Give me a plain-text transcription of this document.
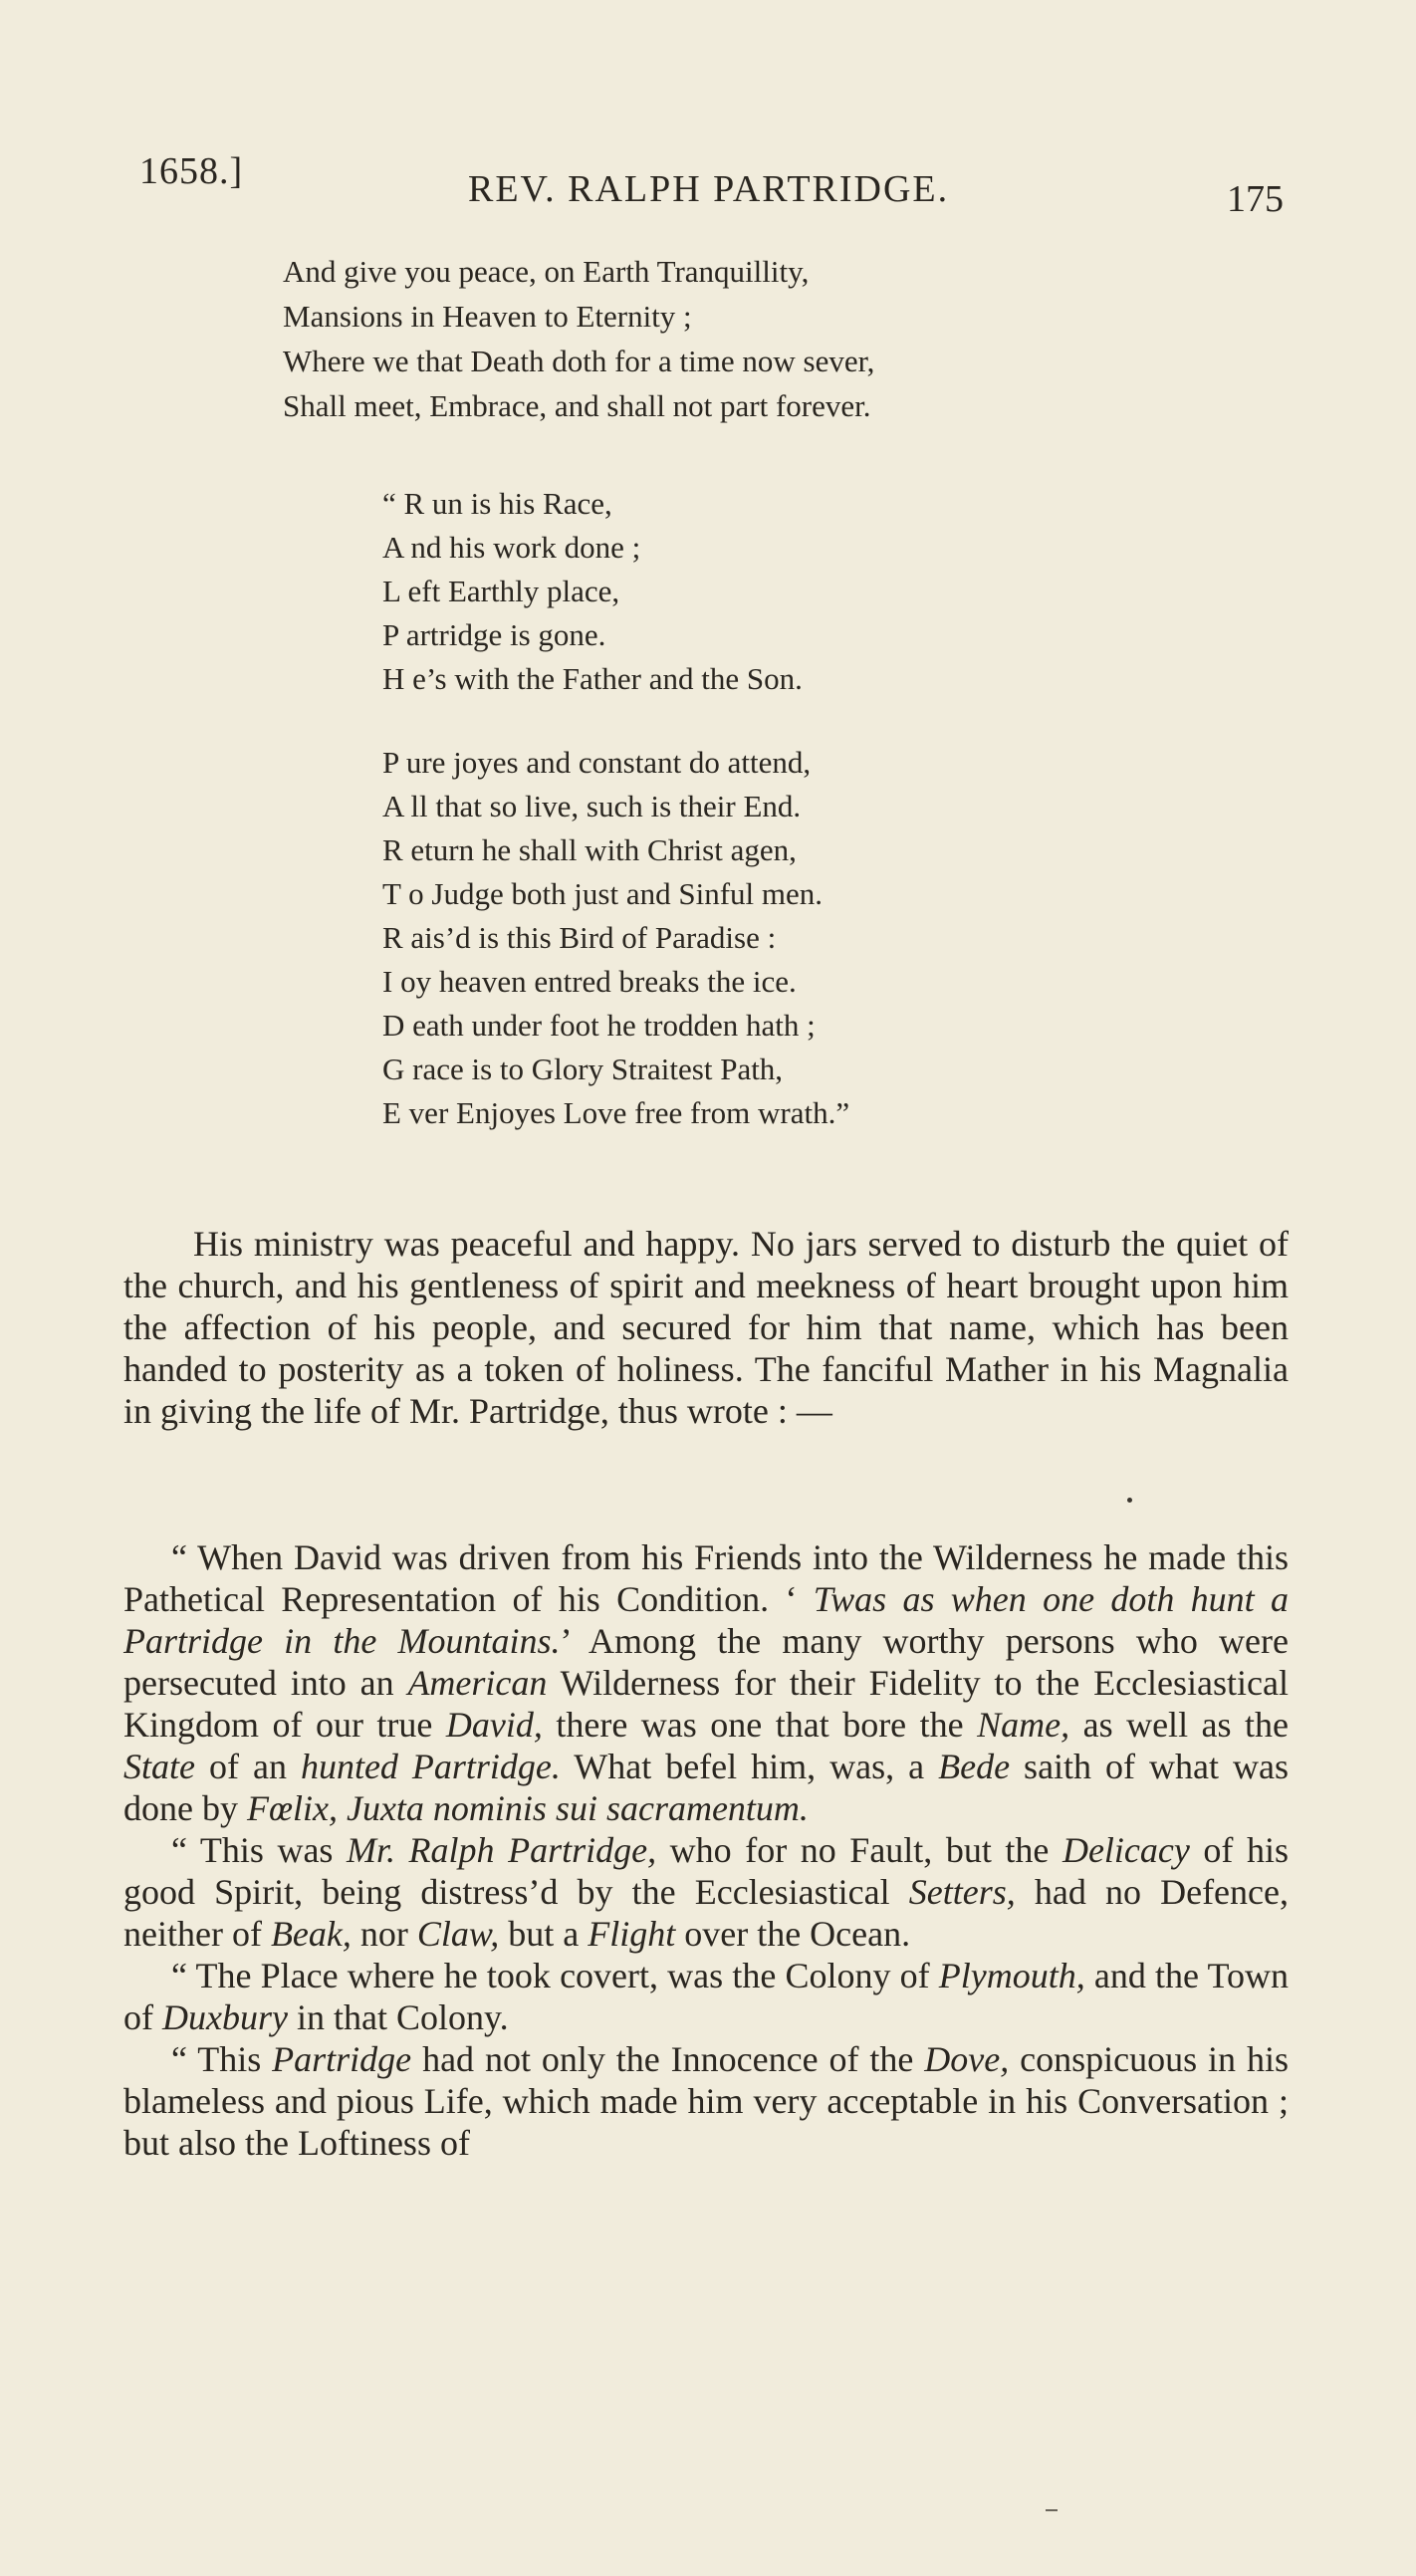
1658.]	REV. RALPH PARTRIDGE.	175
And give you peace, on Earth Tranquillity,
Mansions in Heaven to Eternity ;
Where we that Death doth for a time now sever,
Shall meet, Embrace, and shall not part forever.
“ R un is his Race,
A nd his work done ;
L eft Earthly place,
P artridge is gone.
H e’s with the Father and the Son.
P ure joyes and constant do attend,
A ll that so live, such is their End.
R eturn he shall with Christ agen,
T o Judge both just and Sinful men.
R ais’d is this Bird of Paradise :
I oy heaven entred breaks the ice.
D eath under foot he trodden hath ;
G race is to Glory Straitest Path,
E ver Enjoyes Love free from wrath.”
His ministry was peaceful and happy. No jars served to disturb the quiet of the church, and his gentleness of spirit and meekness of heart brought upon him the affection of his people, and secured for him that name, which has been handed to posterity as a token of holiness. The fanciful Mather in his Magnalia in giving the life of Mr. Partridge, thus wrote : —
“ When David was driven from his Friends into the Wilderness he made this Pathetical Representation of his Condition. ‘ Twas as when one doth hunt a Partridge in the Mountains.’ Among the many worthy persons who were persecuted into an American Wilderness for their Fidelity to the Ecclesiastical Kingdom of our true David, there was one that bore the Name, as well as the State of an hunted Partridge. What befel him, was, a Bede saith of what was done by Fœlix, Juxta nominis sui sacramentum.
“ This was Mr. Ralph Partridge, who for no Fault, but the Delicacy of his good Spirit, being distress’d by the Ecclesiastical Setters, had no Defence, neither of Beak, nor Claw, but a Flight over the Ocean.
“ The Place where he took covert, was the Colony of Plymouth, and the Town of Duxbury in that Colony.
“ This Partridge had not only the Innocence of the Dove, conspicuous in his blameless and pious Life, which made him very acceptable in his Conversation ; but also the Loftiness of
